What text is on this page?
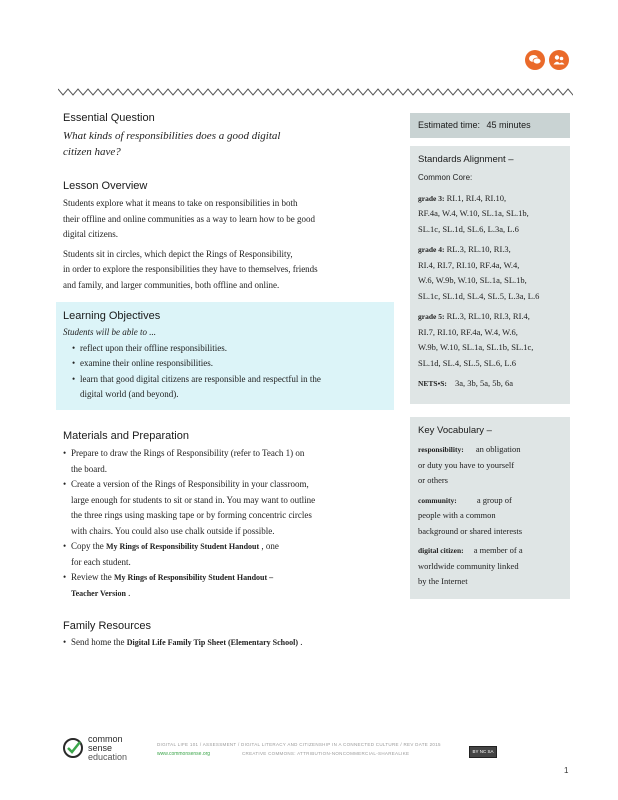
Essential Question
What kinds of responsibilities does a good digital
citizen have?
Lesson Overview
Students explore what it means to take on responsibilities in both
their offline and online communities as a way to learn how to be good
digital citizens.
Students sit in circles, which depict the Rings of Responsibility,
in order to explore the responsibilities they have to themselves, friends
and family, and larger communities, both offline and online.
Learning Objectives
Students will be able to ...
• reflect upon their offline responsibilities.
• examine their online responsibilities.
• learn that good digital citizens are responsible and respectful in the
digital world (and beyond).
Materials and Preparation
• Prepare to draw the Rings of Responsibility (refer to Teach 1) on
the board.
• Create a version of the Rings of Responsibility in your classroom,
large enough for students to sit or stand in. You may want to outline
the three rings using masking tape or by forming concentric circles
with chairs. You could also use chalk outside if possible.
• Copy the My Rings of Responsibility Student Handout , one
for each student.
• Review the My Rings of Responsibility Student Handout –
Teacher Version .
Family Resources
• Send home the Digital Life Family Tip Sheet (Elementary School) .
Estimated time: 45 minutes
Standards Alignment –
Common Core:
grade 3: RI.1, RI.4, RI.10,
RF.4a, W.4, W.10, SL.1a, SL.1b,
SL.1c, SL.1d, SL.6, L.3a, L.6
grade 4: RL.3, RL.10, RI.3,
RI.4, RI.7, RI.10, RF.4a, W.4,
W.6, W.9b, W.10, SL.1a, SL.1b,
SL.1c, SL.1d, SL.4, SL.5, L.3a, L.6
grade 5: RL.3, RL.10, RI.3, RI.4,
RI.7, RI.10, RF.4a, W.4, W.6,
W.9b, W.10, SL.1a, SL.1b, SL.1c,
SL.1d, SL.4, SL.5, SL.6, L.6
NETS•S: 3a, 3b, 5a, 5b, 6a
Key Vocabulary –
responsibility: an obligation
or duty you have to yourself
or others
community: a group of
people with a common
background or shared interests
digital citizen: a member of a
worldwide community linked
by the Internet
common
sense
education
DIGITAL LIFE 101 / ASSESSMENT / DIGITAL LITERACY AND CITIZENSHIP IN A CONNECTED CULTURE / REV DATE 2015
www.commonsense.org	CREATIVE COMMONS: ATTRIBUTION-NONCOMMERCIAL-SHAREALIKE	BY NC SA
1
